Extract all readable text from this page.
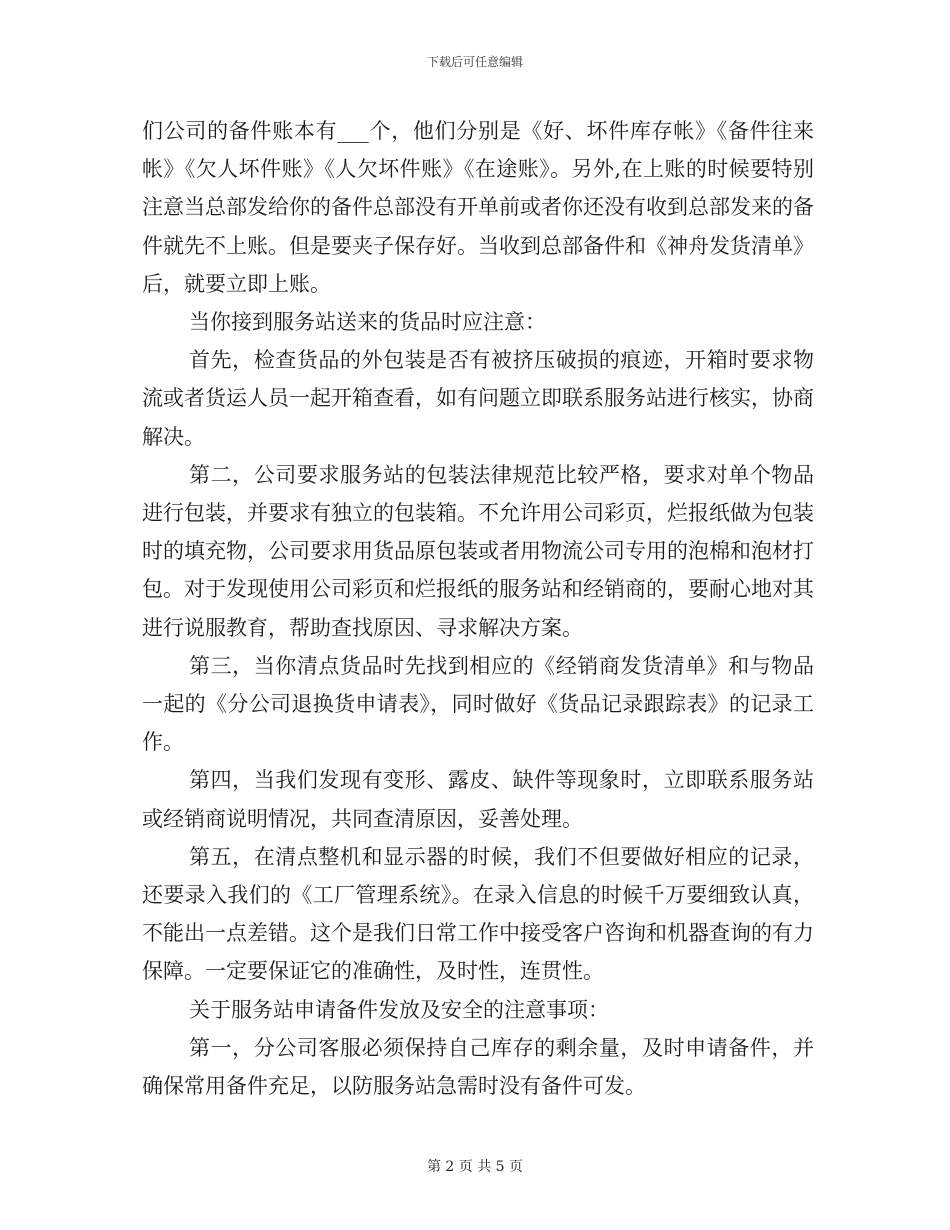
下载后可任意编辑

们公司的备件账本有___个，他们分别是《好、坏件库存帐》《备件往来帐》《欠人坏件账》《人欠坏件账》《在途账》。另外,在上账的时候要特别注意当总部发给你的备件总部没有开单前或者你还没有收到总部发来的备件就先不上账。但是要夹子保存好。当收到总部备件和《神舟发货清单》后，就要立即上账。

当你接到服务站送来的货品时应注意：

首先，检查货品的外包装是否有被挤压破损的痕迹，开箱时要求物流或者货运人员一起开箱查看，如有问题立即联系服务站进行核实，协商解决。

第二，公司要求服务站的包装法律规范比较严格，要求对单个物品进行包装，并要求有独立的包装箱。不允许用公司彩页，烂报纸做为包装时的填充物，公司要求用货品原包装或者用物流公司专用的泡棉和泡材打包。对于发现使用公司彩页和烂报纸的服务站和经销商的，要耐心地对其进行说服教育，帮助查找原因、寻求解决方案。

第三，当你清点货品时先找到相应的《经销商发货清单》和与物品一起的《分公司退换货申请表》，同时做好《货品记录跟踪表》的记录工作。

第四，当我们发现有变形、露皮、缺件等现象时，立即联系服务站或经销商说明情况，共同查清原因，妥善处理。

第五，在清点整机和显示器的时候，我们不但要做好相应的记录，还要录入我们的《工厂管理系统》。在录入信息的时候千万要细致认真，不能出一点差错。这个是我们日常工作中接受客户咨询和机器查询的有力保障。一定要保证它的准确性，及时性，连贯性。

关于服务站申请备件发放及安全的注意事项：

第一，分公司客服必须保持自己库存的剩余量，及时申请备件，并确保常用备件充足，以防服务站急需时没有备件可发。

第 2 页 共 5 页
